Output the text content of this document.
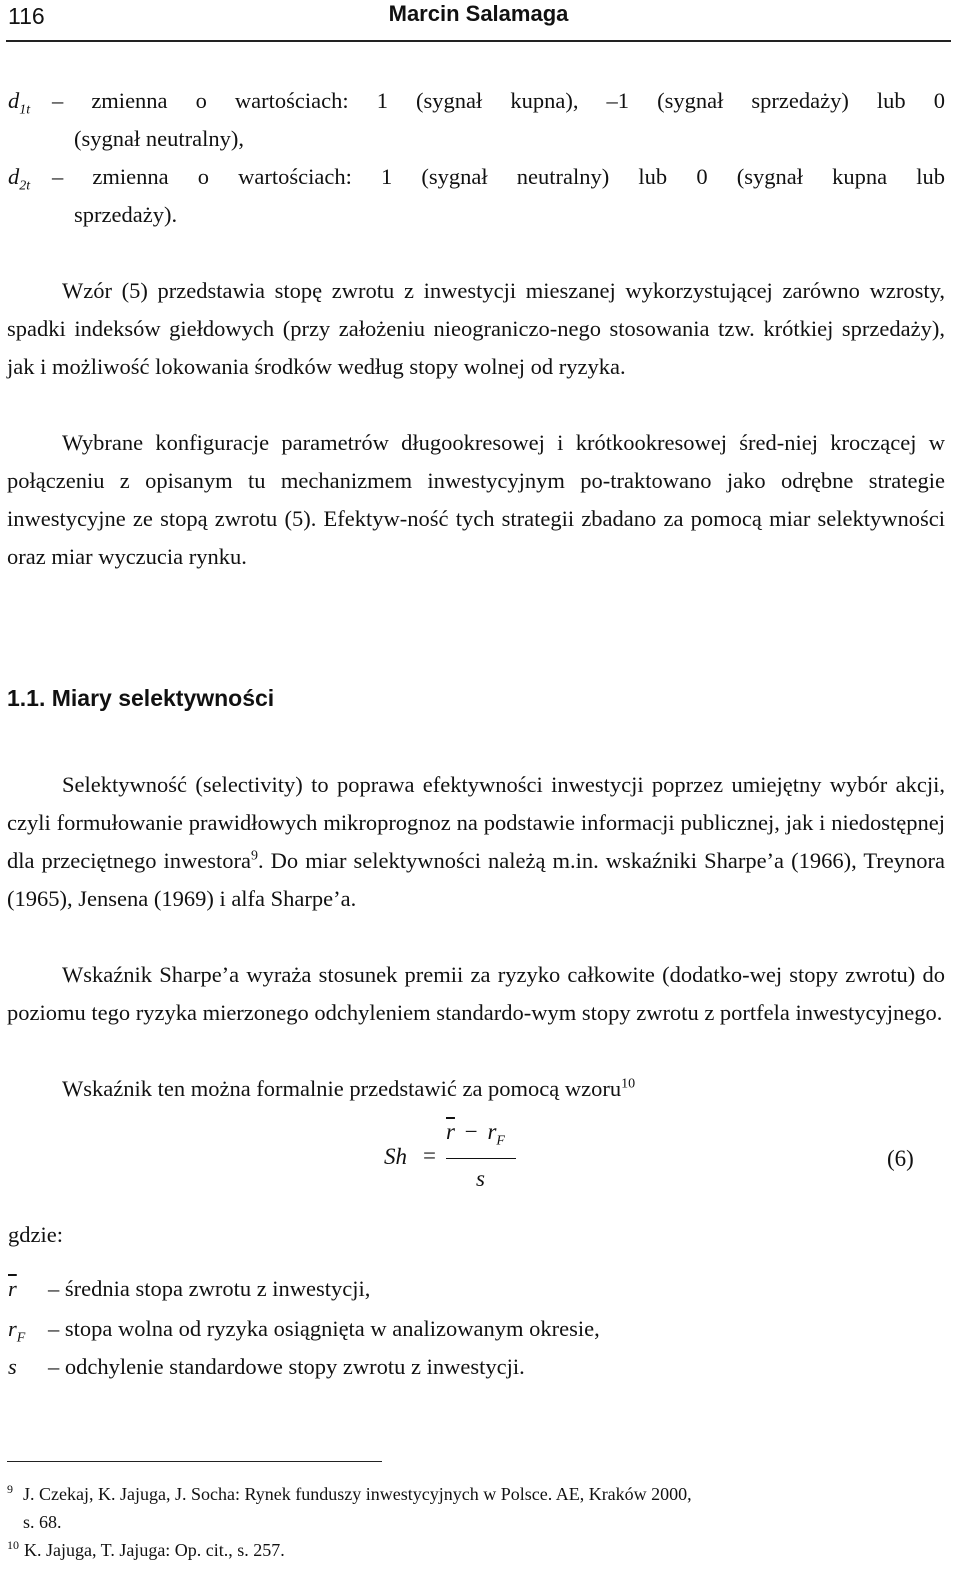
116	Marcin Salamaga
$d_{1t}$ – zmienna o wartościach: 1 (sygnał kupna), –1 (sygnał sprzedaży) lub 0
(sygnał neutralny),
$d_{2t}$ – zmienna o wartościach: 1 (sygnał neutralny) lub 0 (sygnał kupna lub
sprzedaży).
Wzór (5) przedstawia stopę zwrotu z inwestycji mieszanej wykorzystującej zarówno wzrosty, spadki indeksów giełdowych (przy założeniu nieograniczo-nego stosowania tzw. krótkiej sprzedaży), jak i możliwość lokowania środków według stopy wolnej od ryzyka.
Wybrane konfiguracje parametrów długookresowej i krótkookresowej śred-niej kroczącej w połączeniu z opisanym tu mechanizmem inwestycyjnym po-traktowano jako odrębne strategie inwestycyjne ze stopą zwrotu (5). Efektyw-ność tych strategii zbadano za pomocą miar selektywności oraz miar wyczucia rynku.
1.1. Miary selektywności
Selektywność (selectivity) to poprawa efektywności inwestycji poprzez umiejętny wybór akcji, czyli formułowanie prawidłowych mikroprognoz na podstawie informacji publicznej, jak i niedostępnej dla przeciętnego inwestora$^9$. Do miar selektywności należą m.in. wskaźniki Sharpe’a (1966), Treynora (1965), Jensena (1969) i alfa Sharpe’a.
Wskaźnik Sharpe’a wyraża stosunek premii za ryzyko całkowite (dodatko-wej stopy zwrotu) do poziomu tego ryzyka mierzonego odchyleniem standardo-wym stopy zwrotu z portfela inwestycyjnego.
Wskaźnik ten można formalnie przedstawić za pomocą wzoru$^{10}$
Sh =
$\overline{r} - r_F$
s
(6)
gdzie:
$\overline{r}$ – średnia stopa zwrotu z inwestycji,
$r_F$ – stopa wolna od ryzyka osiągnięta w analizowanym okresie,
s – odchylenie standardowe stopy zwrotu z inwestycji.
$^9$ J. Czekaj, K. Jajuga, J. Socha: Rynek funduszy inwestycyjnych w Polsce. AE, Kraków 2000,
s. 68.
$^{10}$ K. Jajuga, T. Jajuga: Op. cit., s. 257.
